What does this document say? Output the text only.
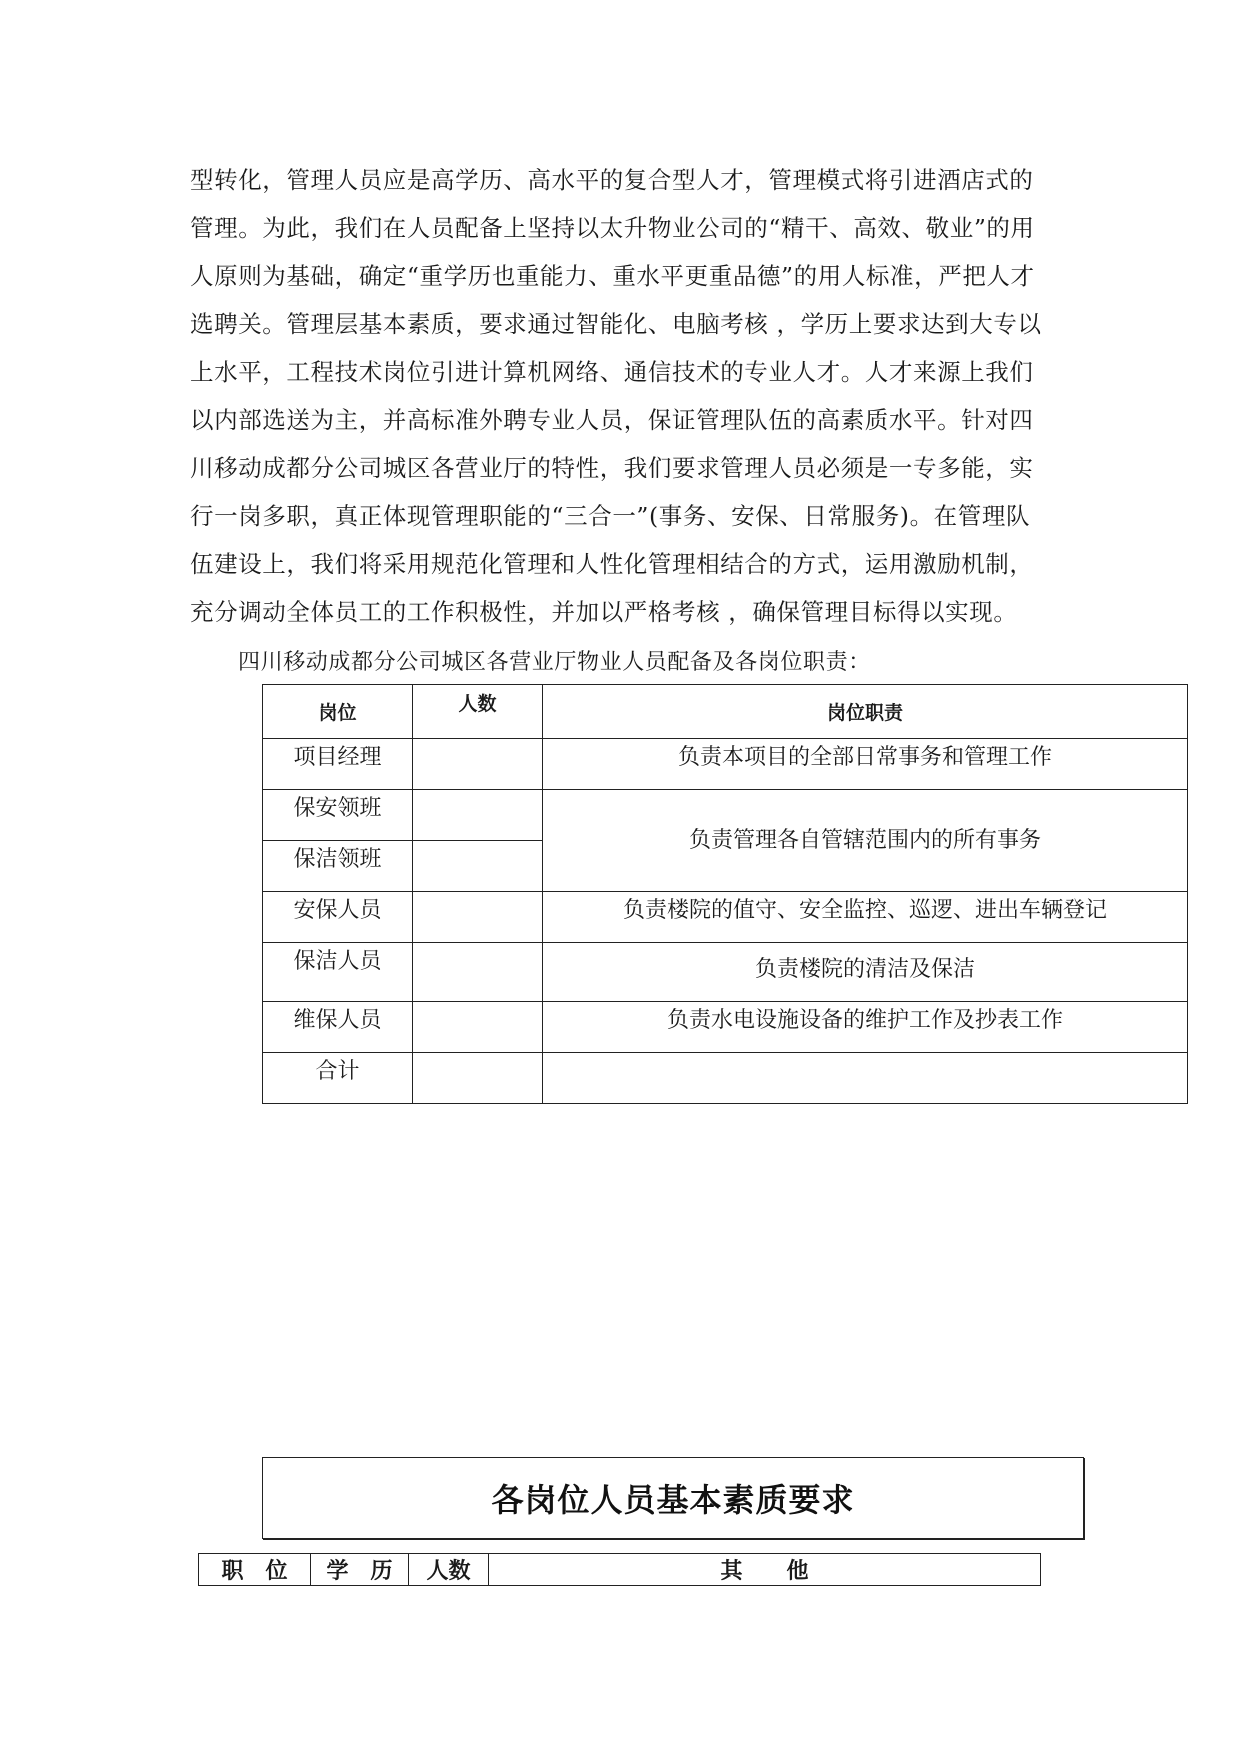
型转化，管理人员应是高学历、高水平的复合型人才，管理模式将引进酒店式的
管理。为此，我们在人员配备上坚持以太升物业公司的“精干、高效、敬业”的用
人原则为基础，确定“重学历也重能力、重水平更重品德”的用人标准，严把人才
选聘关。管理层基本素质，要求通过智能化、电脑考核 ，学历上要求达到大专以
上水平，工程技术岗位引进计算机网络、通信技术的专业人才。人才来源上我们
以内部选送为主，并高标准外聘专业人员，保证管理队伍的高素质水平。针对四
川移动成都分公司城区各营业厅的特性，我们要求管理人员必须是一专多能，实
行一岗多职，真正体现管理职能的“三合一”(事务、安保、日常服务)。在管理队
伍建设上，我们将采用规范化管理和人性化管理相结合的方式，运用激励机制，
充分调动全体员工的工作积极性，并加以严格考核 ，确保管理目标得以实现。
四川移动成都分公司城区各营业厅物业人员配备及各岗位职责：
岗位	人数	岗位职责
项目经理		负责本项目的全部日常事务和管理工作
保安领班		负责管理各自管辖范围内的所有事务
保洁领班		
安保人员		负责楼院的值守、安全监控、巡逻、进出车辆登记
保洁人员		负责楼院的清洁及保洁
维保人员		负责水电设施设备的维护工作及抄表工作
合计		
各岗位人员基本素质要求
职　位	学　历	人数	其　　他
